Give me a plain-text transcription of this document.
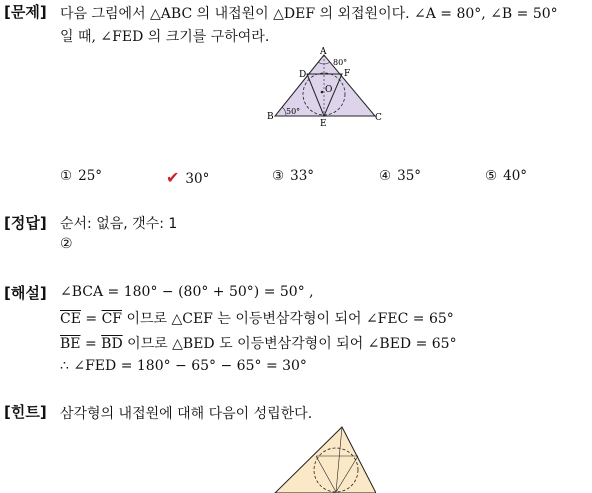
[문제] 다음 그림에서 △ABC 의 내접원이 △DEF 의 외접원이다. ∠A = 80°, ∠B = 50°
일 때, ∠FED 의 크기를 구하여라.
A
B	C
D
E
F
O
80°
50°
① 25°	✔ 30°	③ 33°	④ 35°	⑤ 40°
[정답] 순서: 없음, 갯수: 1
②
[해설] ∠BCA = 180° − (80° + 50°) = 50° ,
$\overline{CE} = \overline{CF}$ 이므로 △CEF 는 이등변삼각형이 되어 ∠FEC = 65°
$\overline{BE} = \overline{BD}$ 이므로 △BED 도 이등변삼각형이 되어 ∠BED = 65°
∴ ∠FED = 180° − 65° − 65° = 30°
[힌트] 삼각형의 내접원에 대해 다음이 성립한다.
